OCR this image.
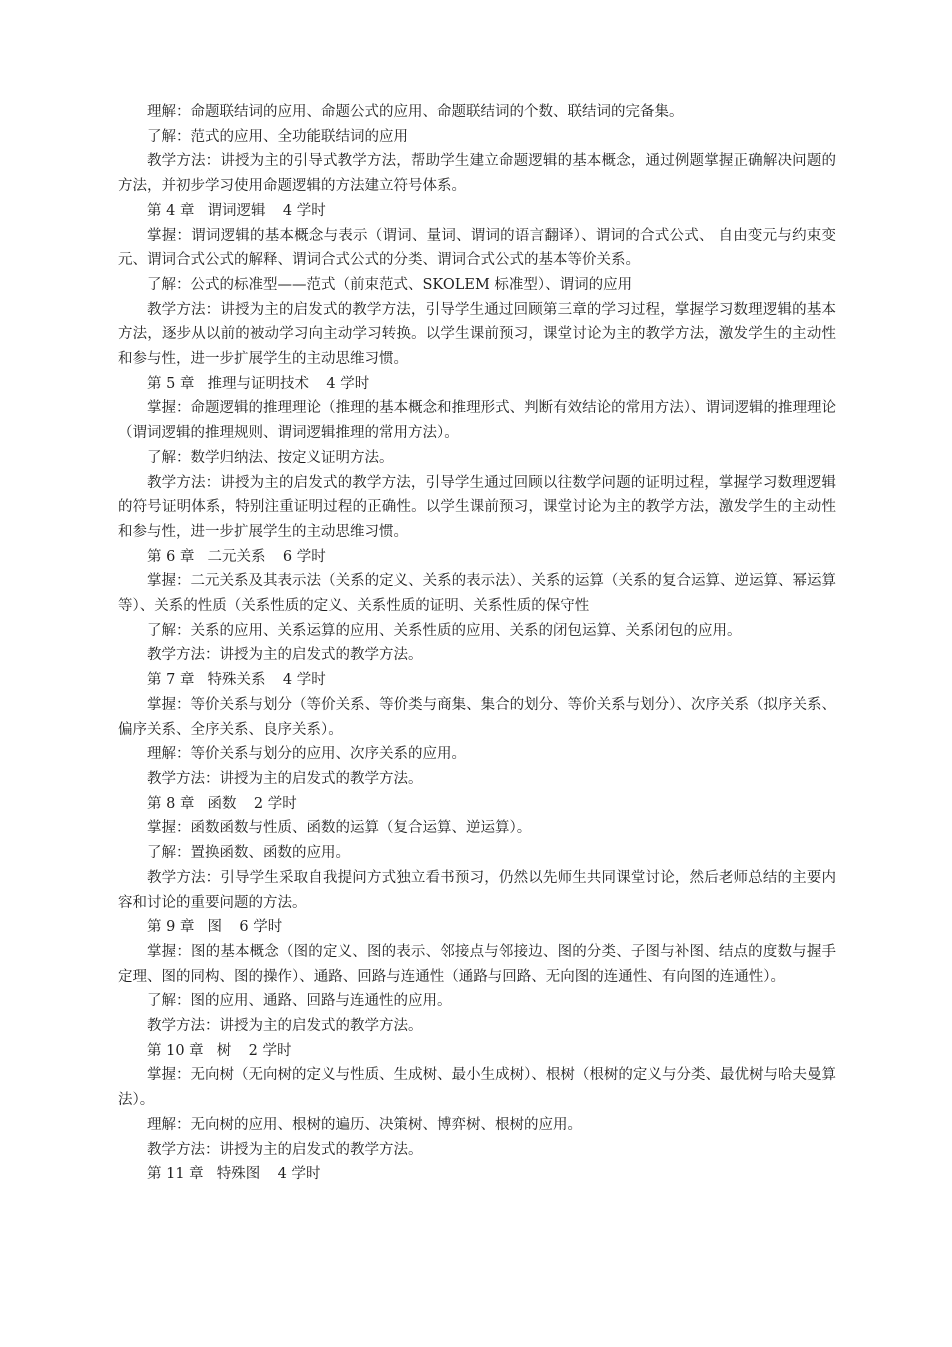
理解：命题联结词的应用、命题公式的应用、命题联结词的个数、联结词的完备集。

了解：范式的应用、全功能联结词的应用

教学方法：讲授为主的引导式教学方法，帮助学生建立命题逻辑的基本概念，通过例题掌握正确解决问题的方法，并初步学习使用命题逻辑的方法建立符号体系。

第 4 章 谓词逻辑 4 学时

掌握：谓词逻辑的基本概念与表示（谓词、量词、谓词的语言翻译）、谓词的合式公式、 自由变元与约束变元、谓词合式公式的解释、谓词合式公式的分类、谓词合式公式的基本等价关系。

了解：公式的标准型——范式（前束范式、SKOLEM 标准型）、谓词的应用

教学方法：讲授为主的启发式的教学方法，引导学生通过回顾第三章的学习过程，掌握学习数理逻辑的基本方法，逐步从以前的被动学习向主动学习转换。以学生课前预习，课堂讨论为主的教学方法，激发学生的主动性和参与性，进一步扩展学生的主动思维习惯。

第 5 章 推理与证明技术 4 学时

掌握：命题逻辑的推理理论（推理的基本概念和推理形式、判断有效结论的常用方法）、谓词逻辑的推理理论（谓词逻辑的推理规则、谓词逻辑推理的常用方法）。

了解：数学归纳法、按定义证明方法。

教学方法：讲授为主的启发式的教学方法，引导学生通过回顾以往数学问题的证明过程，掌握学习数理逻辑的符号证明体系，特别注重证明过程的正确性。以学生课前预习，课堂讨论为主的教学方法，激发学生的主动性和参与性，进一步扩展学生的主动思维习惯。

第 6 章 二元关系 6 学时

掌握：二元关系及其表示法（关系的定义、关系的表示法）、关系的运算（关系的复合运算、逆运算、幂运算等）、关系的性质（关系性质的定义、关系性质的证明、关系性质的保守性

了解：关系的应用、关系运算的应用、关系性质的应用、关系的闭包运算、关系闭包的应用。

教学方法：讲授为主的启发式的教学方法。

第 7 章 特殊关系 4 学时

掌握：等价关系与划分（等价关系、等价类与商集、集合的划分、等价关系与划分）、次序关系（拟序关系、偏序关系、全序关系、良序关系）。

理解：等价关系与划分的应用、次序关系的应用。

教学方法：讲授为主的启发式的教学方法。

第 8 章 函数 2 学时

掌握：函数函数与性质、函数的运算（复合运算、逆运算）。

了解：置换函数、函数的应用。

教学方法：引导学生采取自我提问方式独立看书预习，仍然以先师生共同课堂讨论，然后老师总结的主要内容和讨论的重要问题的方法。

第 9 章 图 6 学时

掌握：图的基本概念（图的定义、图的表示、邻接点与邻接边、图的分类、子图与补图、结点的度数与握手定理、图的同构、图的操作）、通路、回路与连通性（通路与回路、无向图的连通性、有向图的连通性）。

了解：图的应用、通路、回路与连通性的应用。

教学方法：讲授为主的启发式的教学方法。

第 10 章 树 2 学时

掌握：无向树（无向树的定义与性质、生成树、最小生成树）、根树（根树的定义与分类、最优树与哈夫曼算法）。

理解：无向树的应用、根树的遍历、决策树、博弈树、根树的应用。

教学方法：讲授为主的启发式的教学方法。

第 11 章 特殊图 4 学时
